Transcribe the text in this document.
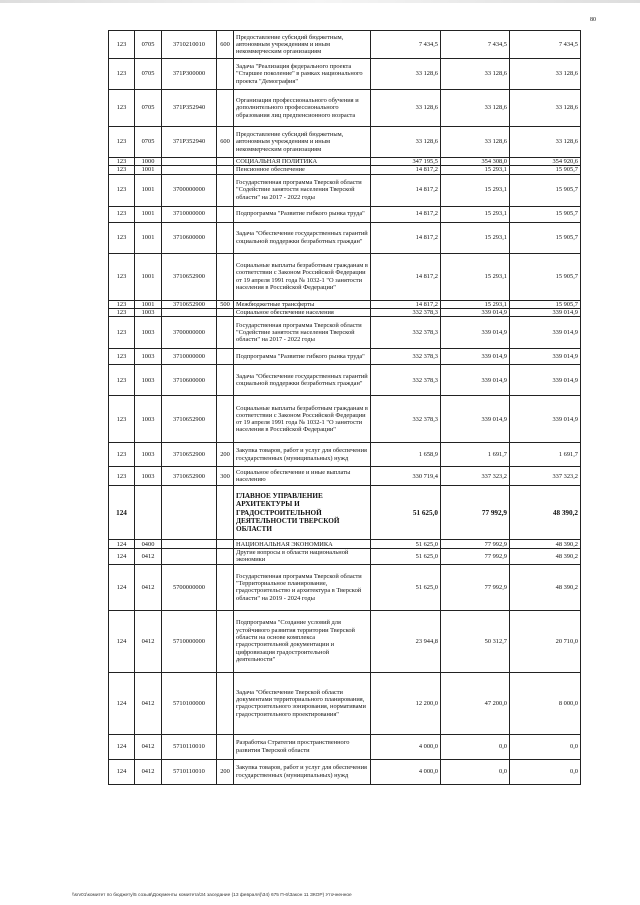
80
123	0705	3710210010	600	Предоставление субсидий бюджетным, автономным учреждениям и иным некоммерческим организациям	7 434,5	7 434,5	7 434,5
123	0705	371P300000		Задача "Реализация федерального проекта "Старшее поколение" в рамках национального проекта "Демография"	33 128,6	33 128,6	33 128,6
123	0705	371P352940		Организация профессионального обучения и дополнительного профессионального образования лиц предпенсионного возраста	33 128,6	33 128,6	33 128,6
123	0705	371P352940	600	Предоставление субсидий бюджетным, автономным учреждениям и иным некоммерческим организациям	33 128,6	33 128,6	33 128,6
123	1000			СОЦИАЛЬНАЯ ПОЛИТИКА	347 195,5	354 308,0	354 920,6
123	1001			Пенсионное обеспечение	14 817,2	15 293,1	15 905,7
123	1001	3700000000		Государственная программа Тверской области "Содействие занятости населения Тверской области" на 2017 - 2022 годы	14 817,2	15 293,1	15 905,7
123	1001	3710000000		Подпрограмма "Развитие гибкого рынка труда"	14 817,2	15 293,1	15 905,7
123	1001	3710600000		Задача "Обеспечение государственных гарантий социальной поддержки безработных граждан"	14 817,2	15 293,1	15 905,7
123	1001	3710652900		Социальные выплаты безработным гражданам в соответствии с Законом Российской Федерации от 19 апреля 1991 года № 1032-1 "О занятости населения в Российской Федерации"	14 817,2	15 293,1	15 905,7
123	1001	3710652900	500	Межбюджетные трансферты	14 817,2	15 293,1	15 905,7
123	1003			Социальное обеспечение населения	332 378,3	339 014,9	339 014,9
123	1003	3700000000		Государственная программа Тверской области "Содействие занятости населения Тверской области" на 2017 - 2022 годы	332 378,3	339 014,9	339 014,9
123	1003	3710000000		Подпрограмма "Развитие гибкого рынка труда"	332 378,3	339 014,9	339 014,9
123	1003	3710600000		Задача "Обеспечение государственных гарантий социальной поддержки безработных граждан"	332 378,3	339 014,9	339 014,9
123	1003	3710652900		Социальные выплаты безработным гражданам в соответствии с Законом Российской Федерации от 19 апреля 1991 года № 1032-1 "О занятости населения в Российской Федерации"	332 378,3	339 014,9	339 014,9
123	1003	3710652900	200	Закупка товаров, работ и услуг для обеспечения государственных (муниципальных) нужд	1 658,9	1 691,7	1 691,7
123	1003	3710652900	300	Социальное обеспечение и иные выплаты населению	330 719,4	337 323,2	337 323,2
124				ГЛАВНОЕ УПРАВЛЕНИЕ АРХИТЕКТУРЫ И ГРАДОСТРОИТЕЛЬНОЙ ДЕЯТЕЛЬНОСТИ ТВЕРСКОЙ ОБЛАСТИ	51 625,0	77 992,9	48 390,2
124	0400			НАЦИОНАЛЬНАЯ ЭКОНОМИКА	51 625,0	77 992,9	48 390,2
124	0412			Другие вопросы в области национальной экономики	51 625,0	77 992,9	48 390,2
124	0412	5700000000		Государственная программа Тверской области "Территориальное планирование, градостроительство и архитектура в Тверской области" на 2019 - 2024 годы	51 625,0	77 992,9	48 390,2
124	0412	5710000000		Подпрограмма "Создание условий для устойчивого развития территории Тверской области на основе комплекса градостроительной документации и цифровизация градостроительной деятельности"	23 944,8	50 312,7	20 710,0
124	0412	5710100000		Задача "Обеспечение Тверской области документами территориального планирования, градостроительного зонирования, нормативами градостроительного проектирования"	12 200,0	47 200,0	8 000,0
124	0412	5710110010		Разработка Стратегии пространственного развития Тверской области	4 000,0	0,0	0,0
124	0412	5710110010	200	Закупка товаров, работ и услуг для обеспечения государственных (муниципальных) нужд	4 000,0	0,0	0,0
\\srv01\комитет по бюджету\5 созыв\Документы комитета\34 заседание (13 февраля)\34) 675 П-6\Закон 11 ЗКОР) Уточненное
